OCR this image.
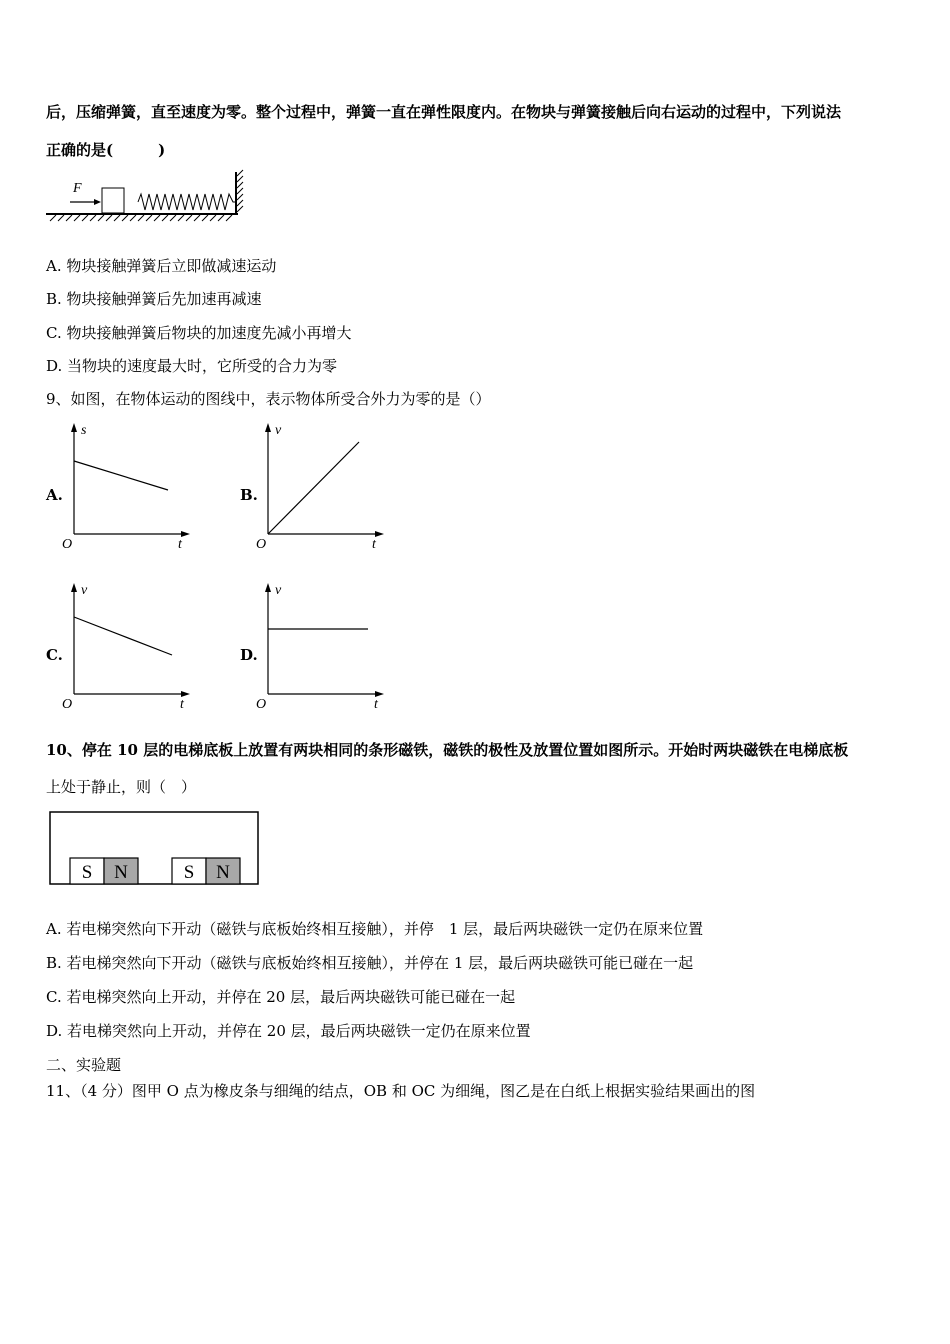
后，压缩弹簧，直至速度为零。整个过程中，弹簧一直在弹性限度内。在物块与弹簧接触后向右运动的过程中，下列说法
正确的是(　　　)
F
A. 物块接触弹簧后立即做减速运动
B. 物块接触弹簧后先加速再减速
C. 物块接触弹簧后物块的加速度先减小再增大
D. 当物块的速度最大时，它所受的合力为零
9、如图，在物体运动的图线中，表示物体所受合外力为零的是（）
A.
s
t
O
B.
v
t
O
C.
v
t
O
D.
v
t
O
10、停在 10 层的电梯底板上放置有两块相同的条形磁铁，磁铁的极性及放置位置如图所示。开始时两块磁铁在电梯底板
上处于静止，则（　）
S N	S N
A. 若电梯突然向下开动（磁铁与底板始终相互接触），并停　1 层，最后两块磁铁一定仍在原来位置
B. 若电梯突然向下开动（磁铁与底板始终相互接触），并停在 1 层，最后两块磁铁可能已碰在一起
C. 若电梯突然向上开动，并停在 20 层，最后两块磁铁可能已碰在一起
D. 若电梯突然向上开动，并停在 20 层，最后两块磁铁一定仍在原来位置
二、实验题
11、（4 分）图甲 O 点为橡皮条与细绳的结点，OB 和 OC 为细绳，图乙是在白纸上根据实验结果画出的图
